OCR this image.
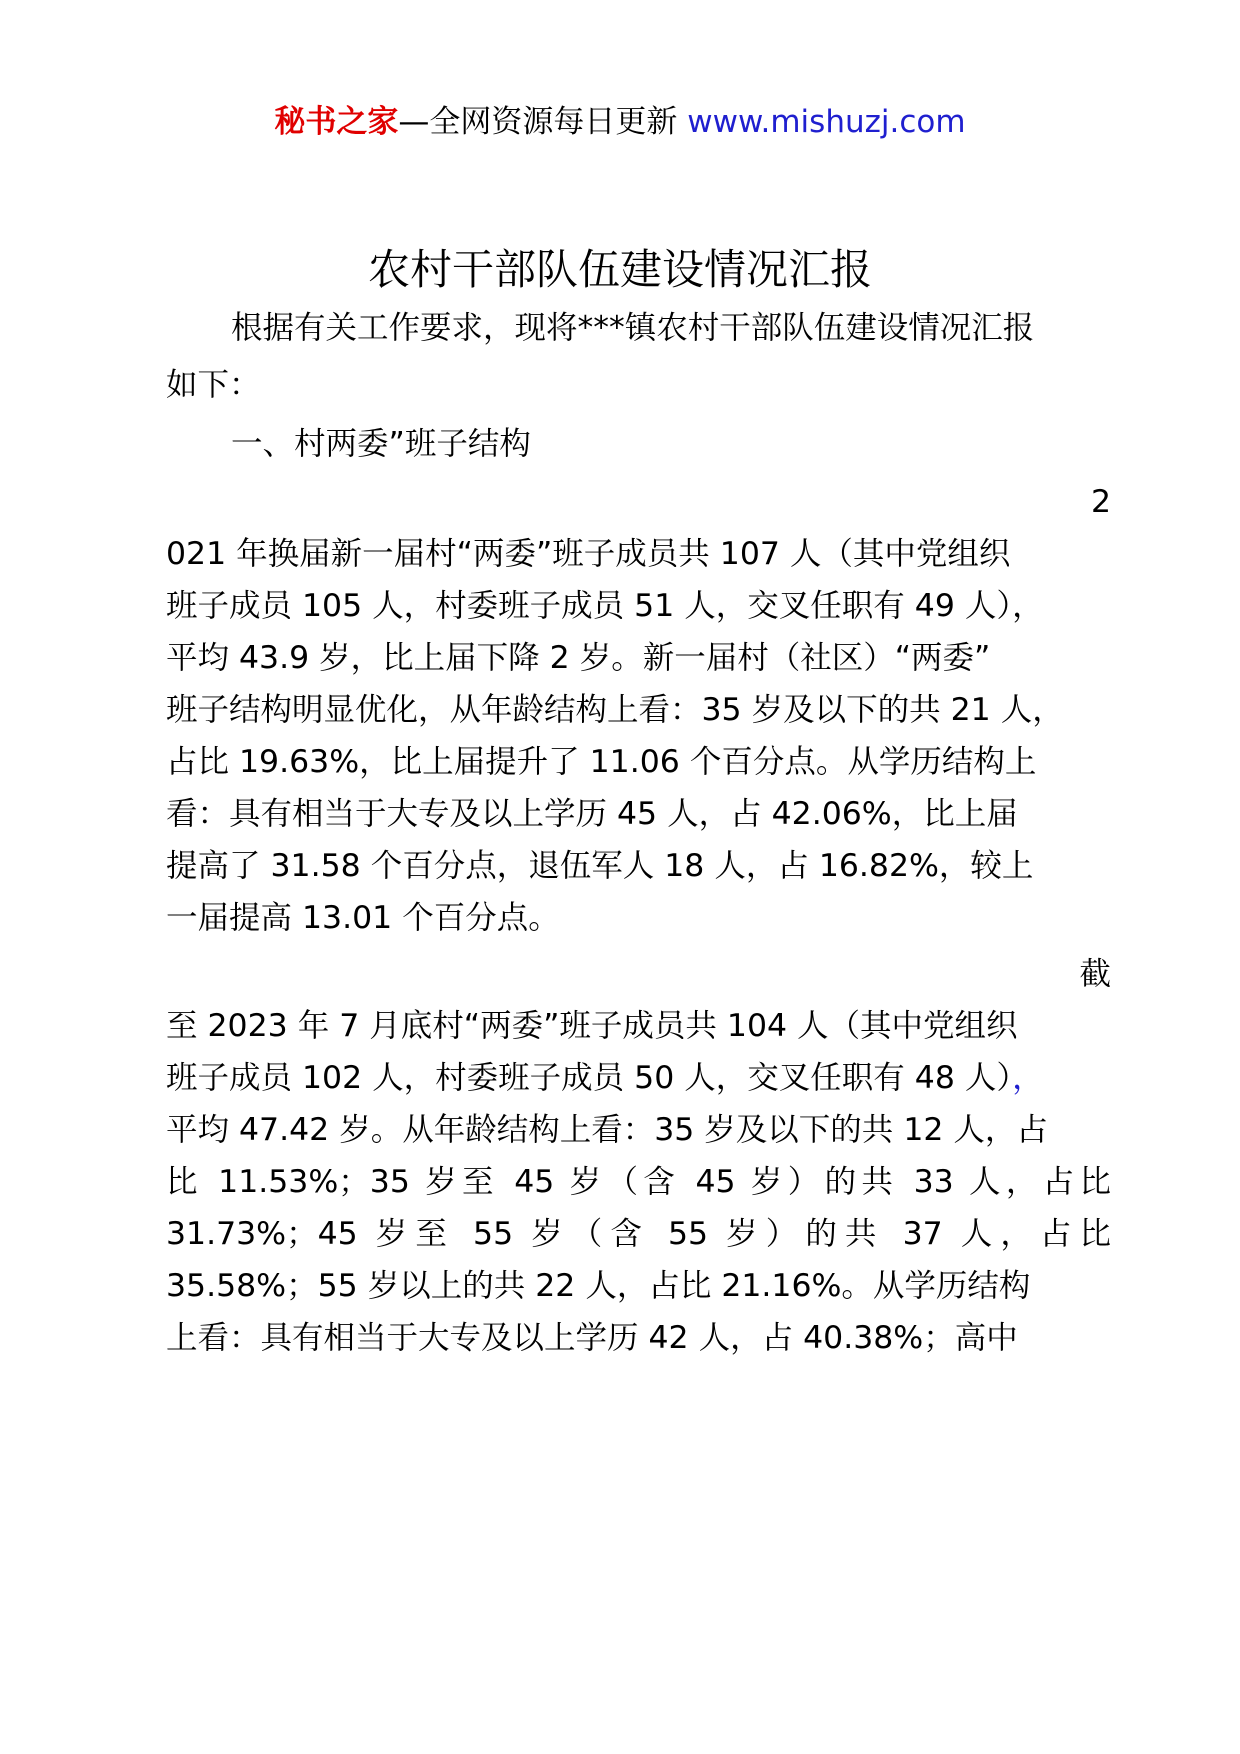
秘书之家—全网资源每日更新 www.mishuzj.com
农村干部队伍建设情况汇报
根据有关工作要求，现将***镇农村干部队伍建设情况汇报
如下：
一、村两委”班子结构
2
021 年换届新一届村“两委”班子成员共 107 人（其中党组织
班子成员 105 人，村委班子成员 51 人，交叉任职有 49 人），
平均 43.9 岁，比上届下降 2 岁。新一届村（社区）“两委”
班子结构明显优化，从年龄结构上看：35 岁及以下的共 21 人，
占比 19.63%，比上届提升了 11.06 个百分点。从学历结构上
看：具有相当于大专及以上学历 45 人，占 42.06%，比上届
提高了 31.58 个百分点，退伍军人 18 人，占 16.82%，较上
一届提高 13.01 个百分点。
截
至 2023 年 7 月底村“两委”班子成员共 104 人（其中党组织
班子成员 102 人，村委班子成员 50 人，交叉任职有 48 人），
平均 47.42 岁。从年龄结构上看：35 岁及以下的共 12 人，占
比 11.53%；35 岁至 45 岁（含 45 岁）的共 33 人，占比
31.73%；45 岁至 55 岁（含 55 岁）的共 37 人，占比
35.58%；55 岁以上的共 22 人，占比 21.16%。从学历结构
上看：具有相当于大专及以上学历 42 人，占 40.38%；高中
